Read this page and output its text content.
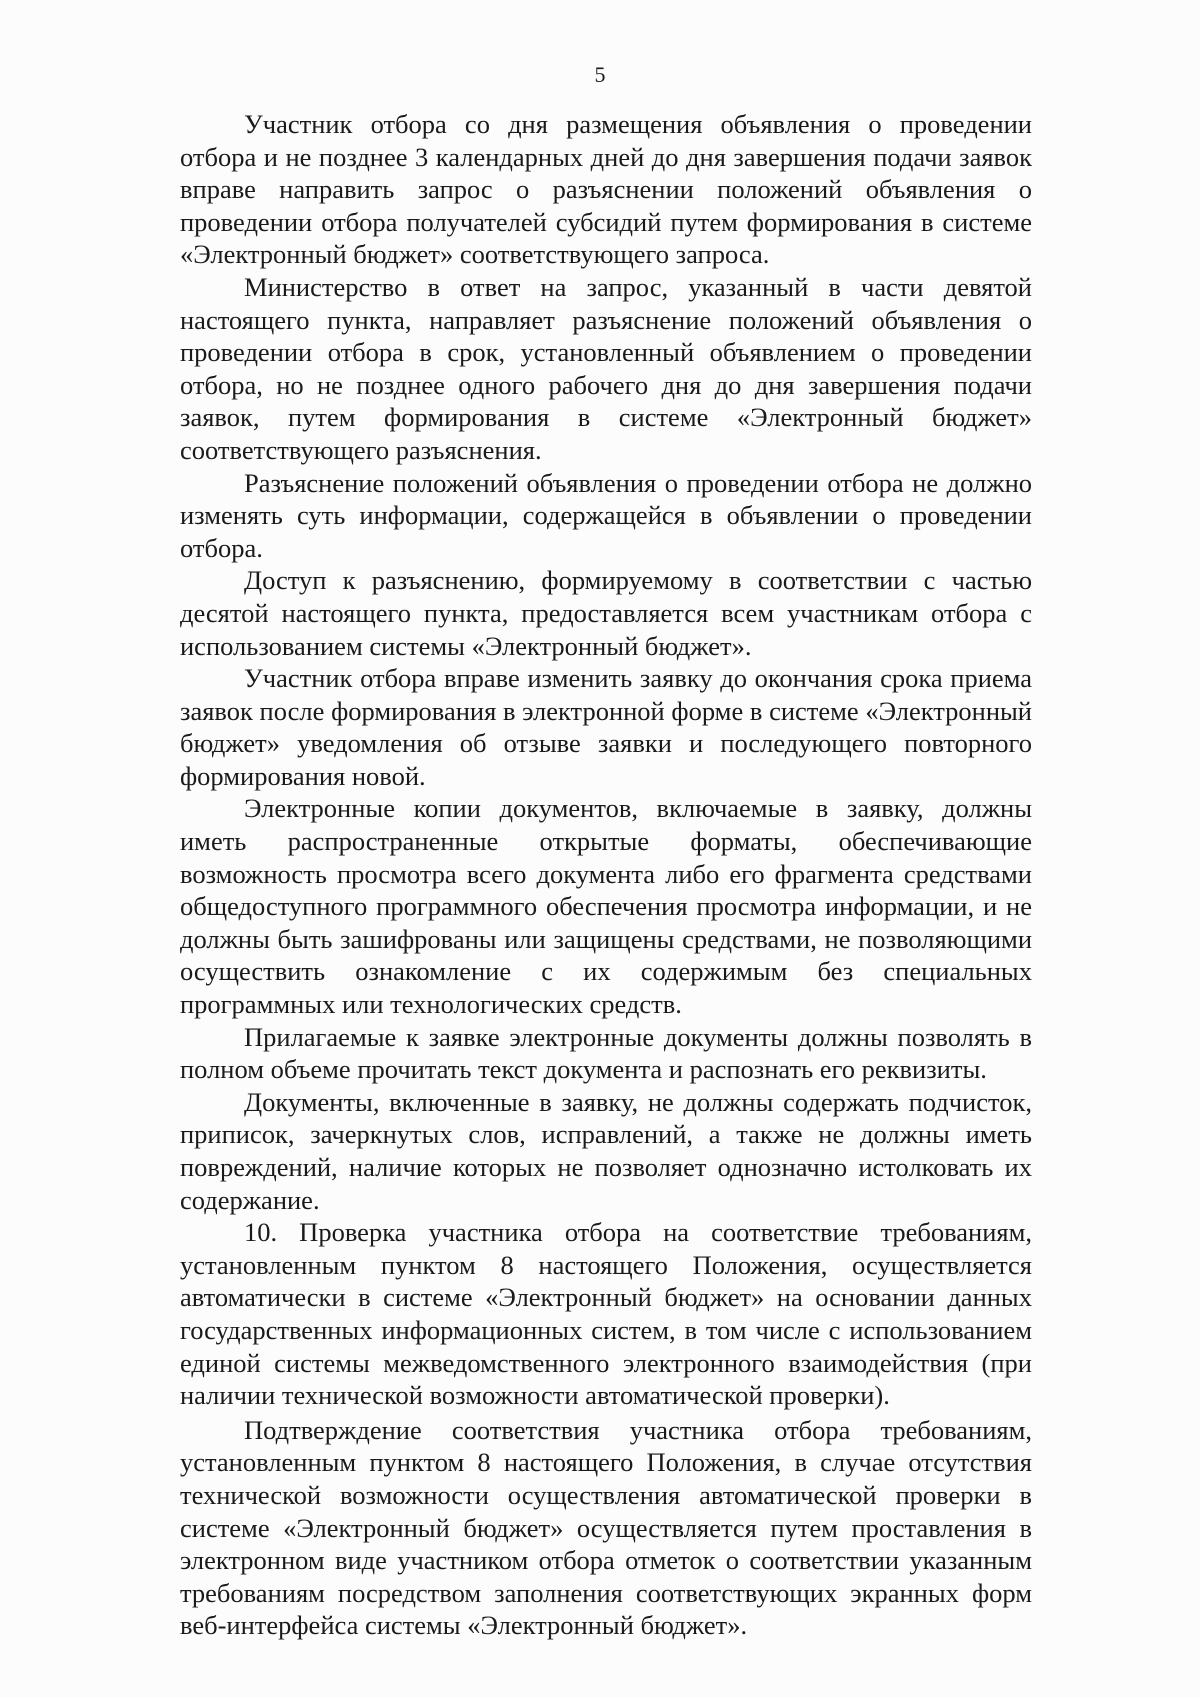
5

Участник отбора со дня размещения объявления о проведении отбора и не позднее 3 календарных дней до дня завершения подачи заявок вправе направить запрос о разъяснении положений объявления о проведении отбора получателей субсидий путем формирования в системе «Электронный бюджет» соответствующего запроса.

Министерство в ответ на запрос, указанный в части девятой настоящего пункта, направляет разъяснение положений объявления о проведении отбора в срок, установленный объявлением о проведении отбора, но не позднее одного рабочего дня до дня завершения подачи заявок, путем формирования в системе «Электронный бюджет» соответствующего разъяснения.

Разъяснение положений объявления о проведении отбора не должно изменять суть информации, содержащейся в объявлении о проведении отбора.

Доступ к разъяснению, формируемому в соответствии с частью десятой настоящего пункта, предоставляется всем участникам отбора с использованием системы «Электронный бюджет».

Участник отбора вправе изменить заявку до окончания срока приема заявок после формирования в электронной форме в системе «Электронный бюджет» уведомления об отзыве заявки и последующего повторного формирования новой.

Электронные копии документов, включаемые в заявку, должны иметь распространенные открытые форматы, обеспечивающие возможность просмотра всего документа либо его фрагмента средствами общедоступного программного обеспечения просмотра информации, и не должны быть зашифрованы или защищены средствами, не позволяющими осуществить ознакомление с их содержимым без специальных программных или технологических средств.

Прилагаемые к заявке электронные документы должны позволять в полном объеме прочитать текст документа и распознать его реквизиты.

Документы, включенные в заявку, не должны содержать подчисток, приписок, зачеркнутых слов, исправлений, а также не должны иметь повреждений, наличие которых не позволяет однозначно истолковать их содержание.

10. Проверка участника отбора на соответствие требованиям, установленным пунктом 8 настоящего Положения, осуществляется автоматически в системе «Электронный бюджет» на основании данных государственных информационных систем, в том числе с использованием единой системы межведомственного электронного взаимодействия (при наличии технической возможности автоматической проверки).

Подтверждение соответствия участника отбора требованиям, установленным пунктом 8 настоящего Положения, в случае отсутствия технической возможности осуществления автоматической проверки в системе «Электронный бюджет» осуществляется путем проставления в электронном виде участником отбора отметок о соответствии указанным требованиям посредством заполнения соответствующих экранных форм веб-интерфейса системы «Электронный бюджет».
